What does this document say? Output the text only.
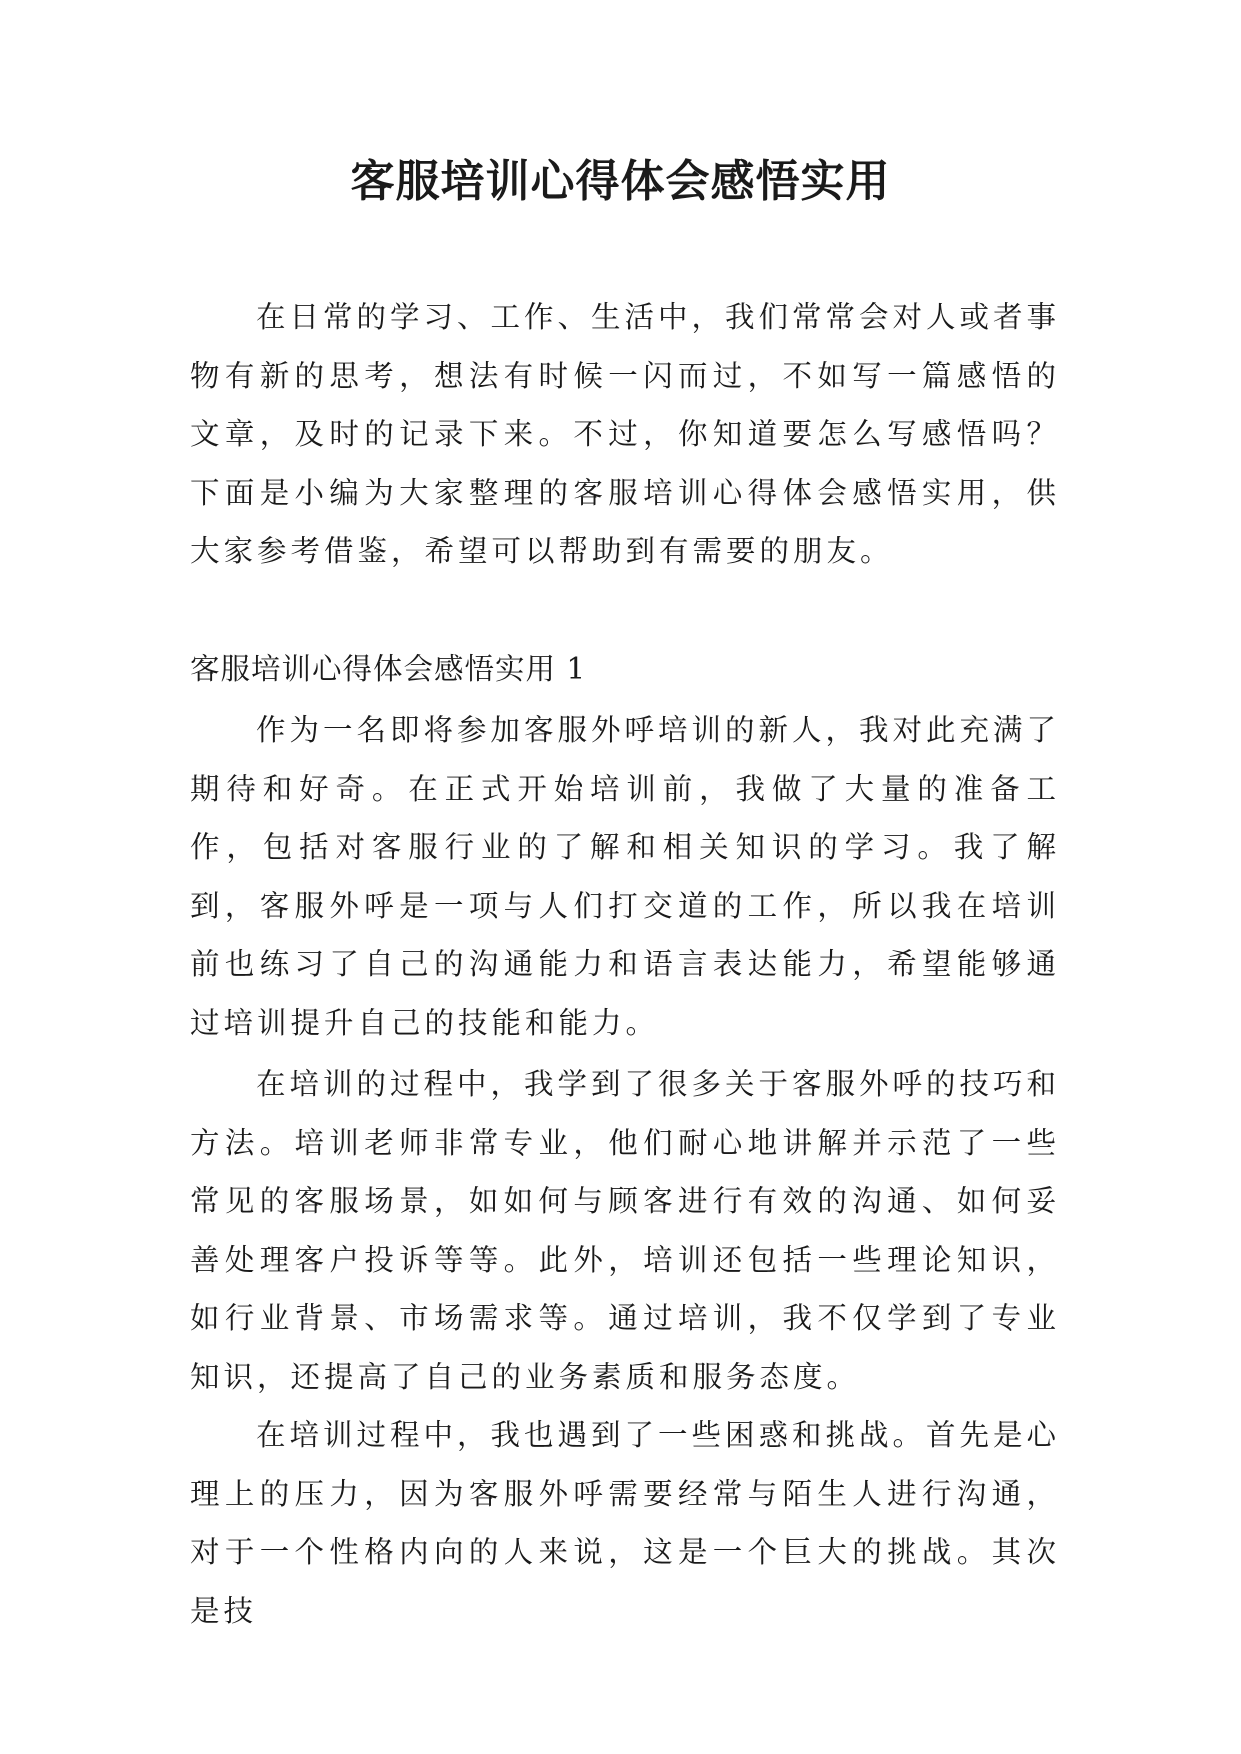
客服培训心得体会感悟实用

在日常的学习、工作、生活中，我们常常会对人或者事物有新的思考，想法有时候一闪而过，不如写一篇感悟的文章，及时的记录下来。不过，你知道要怎么写感悟吗？下面是小编为大家整理的客服培训心得体会感悟实用，供大家参考借鉴，希望可以帮助到有需要的朋友。

客服培训心得体会感悟实用 1

作为一名即将参加客服外呼培训的新人，我对此充满了期待和好奇。在正式开始培训前，我做了大量的准备工作，包括对客服行业的了解和相关知识的学习。我了解到，客服外呼是一项与人们打交道的工作，所以我在培训前也练习了自己的沟通能力和语言表达能力，希望能够通过培训提升自己的技能和能力。

在培训的过程中，我学到了很多关于客服外呼的技巧和方法。培训老师非常专业，他们耐心地讲解并示范了一些常见的客服场景，如如何与顾客进行有效的沟通、如何妥善处理客户投诉等等。此外，培训还包括一些理论知识，如行业背景、市场需求等。通过培训，我不仅学到了专业知识，还提高了自己的业务素质和服务态度。

在培训过程中，我也遇到了一些困惑和挑战。首先是心理上的压力，因为客服外呼需要经常与陌生人进行沟通，对于一个性格内向的人来说，这是一个巨大的挑战。其次是技
